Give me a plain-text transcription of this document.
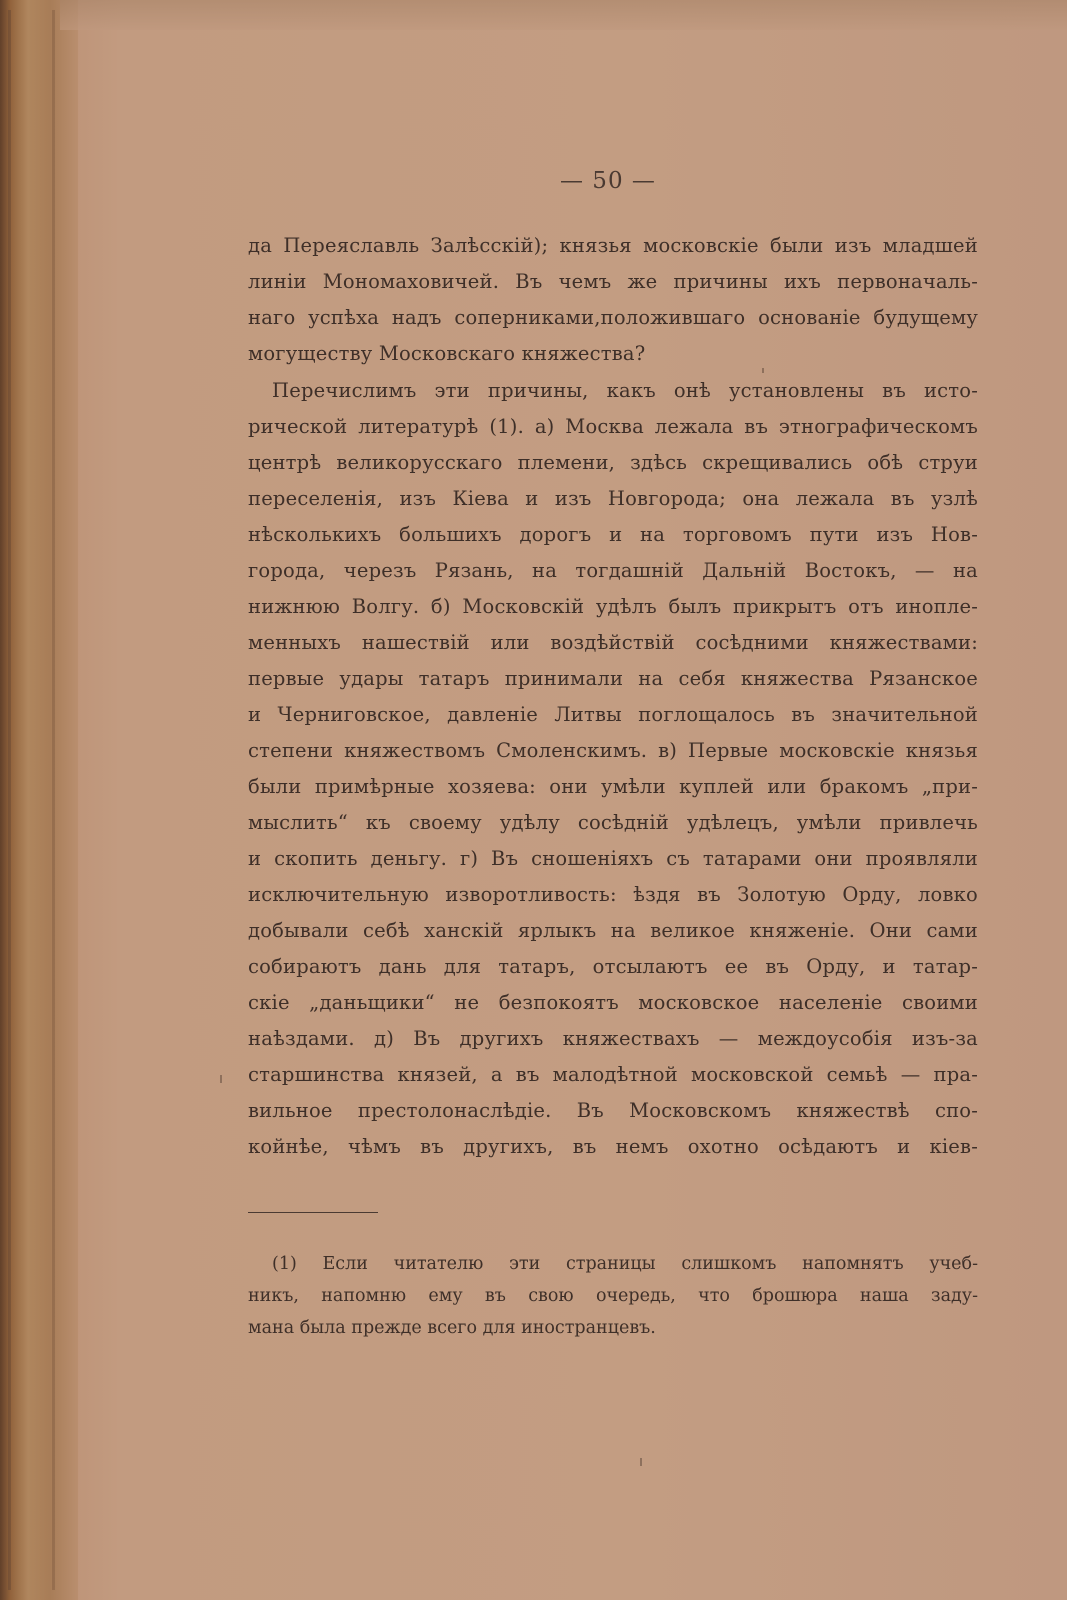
— 50 —
да Переяславль Залѣсскій); князья московскіе были изъ младшей
линіи Мономаховичей. Въ чемъ же причины ихъ первоначаль-
наго успѣха надъ соперниками,положившаго основаніе будущему
могуществу Московскаго княжества?
Перечислимъ эти причины, какъ онѣ установлены въ исто-
рической литературѣ (1). а) Москва лежала въ этнографическомъ
центрѣ великорусскаго племени, здѣсь скрещивались обѣ струи
переселенія, изъ Кіева и изъ Новгорода; она лежала въ узлѣ
нѣсколькихъ большихъ дорогъ и на торговомъ пути изъ Нов-
города, черезъ Рязань, на тогдашній Дальній Востокъ, — на
нижнюю Волгу. б) Московскій удѣлъ былъ прикрытъ отъ инопле-
менныхъ нашествій или воздѣйствій сосѣдними княжествами:
первые удары татаръ принимали на себя княжества Рязанское
и Черниговское, давленіе Литвы поглощалось въ значительной
степени княжествомъ Смоленскимъ. в) Первые московскіе князья
были примѣрные хозяева: они умѣли куплей или бракомъ „при-
мыслить“ къ своему удѣлу сосѣдній удѣлецъ, умѣли привлечь
и скопить деньгу. г) Въ сношеніяхъ съ татарами они проявляли
исключительную изворотливость: ѣздя въ Золотую Орду, ловко
добывали себѣ ханскій ярлыкъ на великое княженіе. Они сами
собираютъ дань для татаръ, отсылаютъ ее въ Орду, и татар-
скіе „даньщики“ не безпокоятъ московское населеніе своими
наѣздами. д) Въ другихъ княжествахъ — междоусобія изъ-за
старшинства князей, а въ малодѣтной московской семьѣ — пра-
вильное престолонаслѣдіе. Въ Московскомъ княжествѣ спо-
койнѣе, чѣмъ въ другихъ, въ немъ охотно осѣдаютъ и кіев-
(1) Если читателю эти страницы слишкомъ напомнятъ учеб-
никъ, напомню ему въ свою очередь, что брошюра наша заду-
мана была прежде всего для иностранцевъ.
